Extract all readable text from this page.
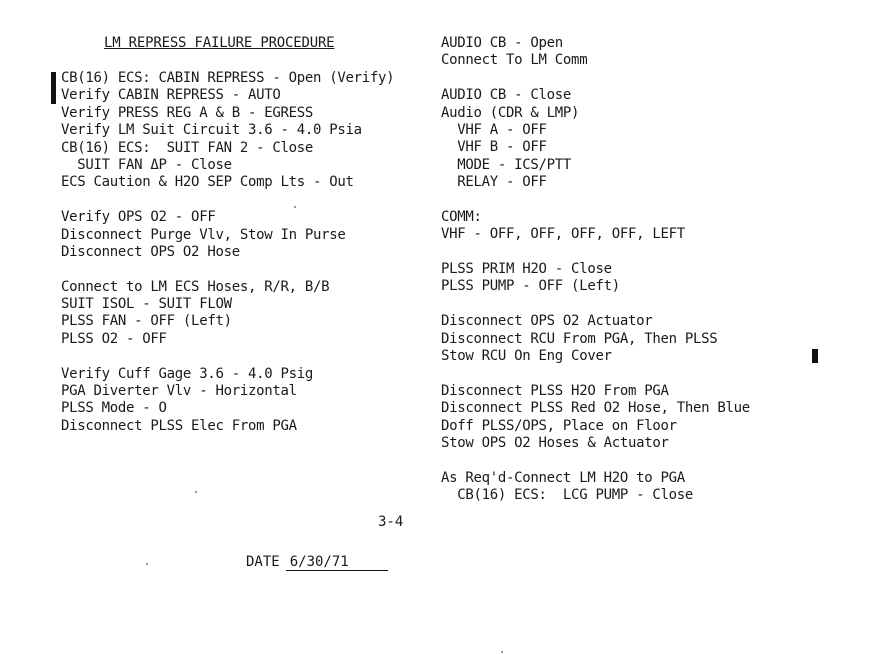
LM REPRESS FAILURE PROCEDURE
CB(16) ECS: CABIN REPRESS - Open (Verify)
Verify CABIN REPRESS - AUTO
Verify PRESS REG A & B - EGRESS
Verify LM Suit Circuit 3.6 - 4.0 Psia
CB(16) ECS:  SUIT FAN 2 - Close
SUIT FAN ΔP - Close
ECS Caution & H2O SEP Comp Lts - Out
Verify OPS O2 - OFF
Disconnect Purge Vlv, Stow In Purse
Disconnect OPS O2 Hose
Connect to LM ECS Hoses, R/R, B/B
SUIT ISOL - SUIT FLOW
PLSS FAN - OFF (Left)
PLSS O2 - OFF
Verify Cuff Gage 3.6 - 4.0 Psig
PGA Diverter Vlv - Horizontal
PLSS Mode - O
Disconnect PLSS Elec From PGA
AUDIO CB - Open
Connect To LM Comm
AUDIO CB - Close
Audio (CDR & LMP)
VHF A - OFF
VHF B - OFF
MODE - ICS/PTT
RELAY - OFF
COMM:
VHF - OFF, OFF, OFF, OFF, LEFT
PLSS PRIM H2O - Close
PLSS PUMP - OFF (Left)
Disconnect OPS O2 Actuator
Disconnect RCU From PGA, Then PLSS
Stow RCU On Eng Cover
Disconnect PLSS H2O From PGA
Disconnect PLSS Red O2 Hose, Then Blue
Doff PLSS/OPS, Place on Floor
Stow OPS O2 Hoses & Actuator
As Req'd-Connect LM H2O to PGA
CB(16) ECS:  LCG PUMP - Close
3-4
DATE 6/30/71
